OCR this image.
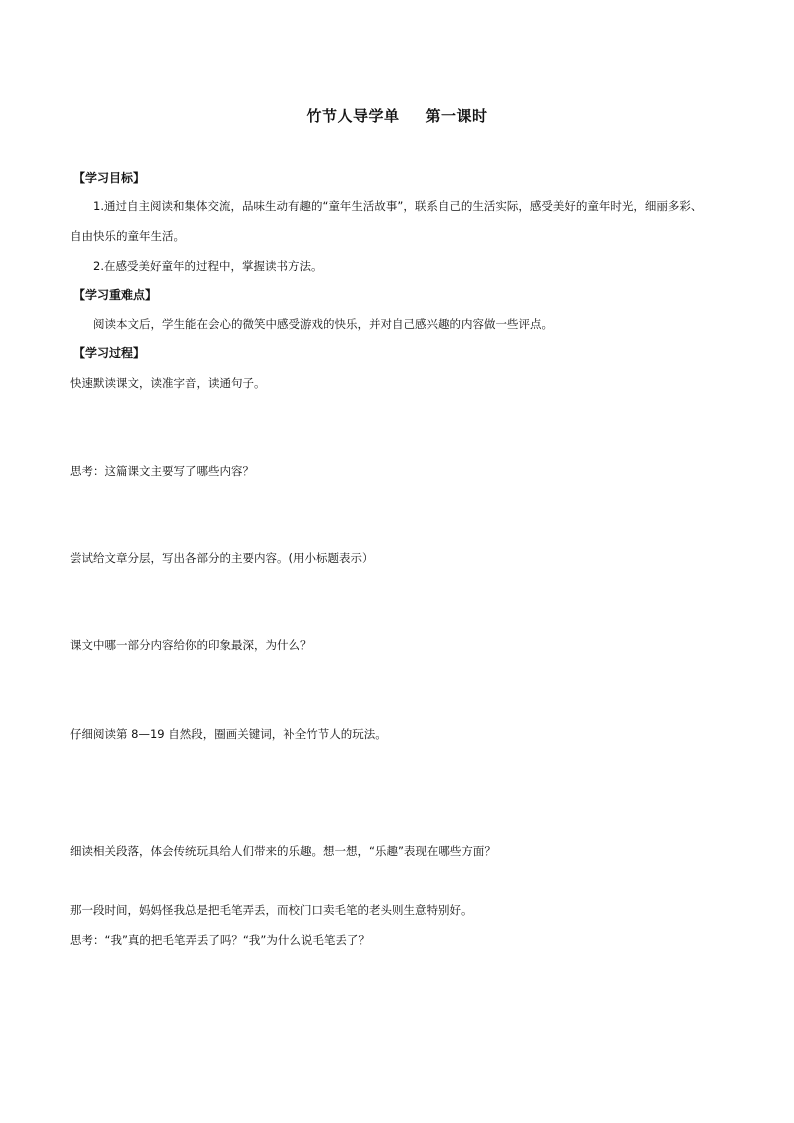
竹节人导学单 第一课时
【学习目标】
1.通过自主阅读和集体交流，品味生动有趣的“童年生活故事”，联系自己的生活实际，感受美好的童年时光，细丽多彩、
自由快乐的童年生活。
2.在感受美好童年的过程中，掌握读书方法。
【学习重难点】
阅读本文后，学生能在会心的微笑中感受游戏的快乐，并对自己感兴趣的内容做一些评点。
【学习过程】
快速默读课文，读准字音，读通句子。
思考：这篇课文主要写了哪些内容？
尝试给文章分层，写出各部分的主要内容。(用小标题表示）
课文中哪一部分内容给你的印象最深，为什么？
仔细阅读第 8—19 自然段，圈画关键词，补全竹节人的玩法。
细读相关段落，体会传统玩具给人们带来的乐趣。想一想，“乐趣”表现在哪些方面？
那一段时间，妈妈怪我总是把毛笔弄丢，而校门口卖毛笔的老头则生意特别好。
思考：“我”真的把毛笔弄丢了吗？“我”为什么说毛笔丢了？
